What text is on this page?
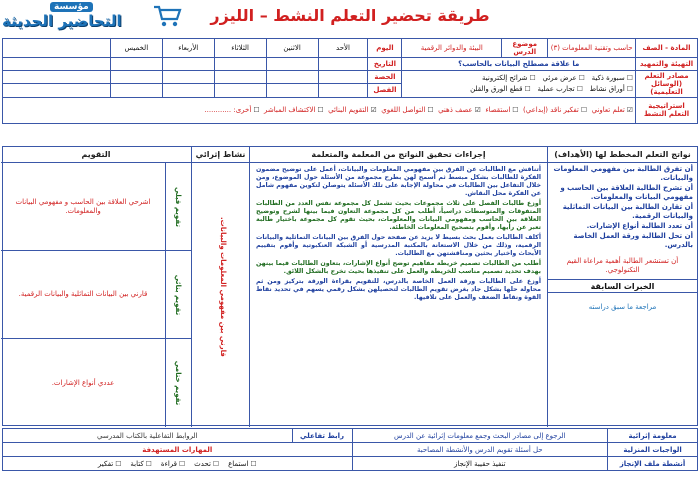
طريقة تحضير التعلم النشط – الليزر
مؤسسة
التحاضير الحديثة
المادة - الصف	حاسب وتقنية المعلومات (٣)	موضوع الدرس	البيئة والدوائر الرقمية	اليوم	الأحد	الاثنين	الثلاثاء	الأربعاء	الخميس	
التهيئة والتمهيد	ما علاقة مصطلح البيانات بالحاسب؟			التاريخ						
مصادر التعلم (الوسائل التعليمية)	☐ سبورة ذكية   ☐ عرض مرئي   ☐ شرائح إلكترونية
☐ أوراق نشاط   ☐ تجارب عملية   ☐ قطع الورق والقلن			الحصة						
				الفصل						
استراتيجية التعلم النشط	☑ تعلم تعاوني  ☐ تفكير ناقد (إبداعي)  ☐ استقصاء  ☑ عصف ذهني  ☐ التواصل اللغوي  ☑ التقويم البنائي  ☐ الاكتشاف المباشر  ☐ أخرى: ............
نواتج التعلم المخطط لها (الأهداف)
أن تفرق الطالبة بين مفهومي المعلومات والبيانات.
أن تشرح الطالبة العلاقة بين الحاسب و مفهومي البيانات والمعلومات.
أن تقارن الطالبة بين البيانات التماثلية والبيانات الرقمية.
أن تعدد الطالبة أنواع الإشارات.
أن تحل الطالبة ورقة العمل الخاصة بالدرس.
أن تستشعر الطالبة أهمية مراعاة القيم التكنولوجي.
الخبرات السابقة
مراجعة ما سبق دراسته
إجراءات تحقيق النواتج من المعلمة والمتعلمة

أتناقش مع الطالبات عن الفرق بين مفهومي المعلومات والبيانات، أعمل على توضيح مضمون الفكرة للطالبات بشكل مبسط ثم أسمح لهن بطرح مجموعة من الأسئلة حول الموضوع، ومن خلال التفاعل بين الطالبات في محاولة الإجابة على تلك الأسئلة يتوصلن لتكوين مفهوم شامل عن الفكرة محل النقاش.

أوزع طالبات الفصل على ثلاث مجموعات بحيث تشمل كل مجموعة نفس العدد من الطالبات المتفوقات والمتوسطات دراسياً، أطلب من كل مجموعة التعاون فيما بينها لشرح وتوضيح العلاقة بين الحاسب ومفهومي البيانات والمعلومات، بحيث تقوم كل مجموعة باختيار طالبة تعبر عن رأيها، وأقوم بتصحيح المعلومات الخاطئة.

أكلف الطالبات بعمل بحث بسيط لا يزيد عن صفحة حول الفرق بين البيانات التماثلية والبيانات الرقمية، وذلك من خلال الاستعانة بالمكتبة المدرسية أو الشبكة العنكبوتية وأقوم بتقييم الأبحاث واختيار بحثين ومناقشتهن مع الطالبات.

أطلب من الطالبات تصميم خريطة مفاهيم توضح أنواع الإشارات، بتعاون الطالبات فيما بينهن بهدف تحديد تصميم مناسب للخريطة والعمل على تنفيذها بحيث تخرج بالشكل اللائق.

أوزع على الطالبات ورقة العمل الخاصة بالدرس، للتقويم بقراءة الورقة بتركيز ومن ثم محاولة حلها بشكل جاد بغرض تقويم الطالبات لتحصيلهن بشكل رقمي يسهم في تحديد نقاط القوة ونقاط الضعف والعمل على تلافيها.

نشاط إثرائي
قارني بين مفهومي المعلومات والبيانات.
التقويم
اشرحي العلاقة بين الحاسب و مفهومي البيانات والمعلومات.	تقويم قبلي
قارني بين البيانات التماثلية والبيانات الرقمية.	تقويم بنائي
عددي أنواع الإشارات.	تقويم ختامي
معلومة إثرائية	الرجوع إلى مصادر البحث وجمع معلومات إثرائية عن الدرس	رابط تفاعلي	الروابط التفاعلية بالكتاب المدرسي
الواجبات المنزلية	حل أسئلة تقويم الدرس والأنشطة المصاحبة	المهارات المستهدفة	
أنشطة ملف الإنجاز	تنفيذ حقيبة الإنجاز	☐ استماع    ☐ تحدث    ☐ قراءة    ☐ كتابة    ☐ تفكير
